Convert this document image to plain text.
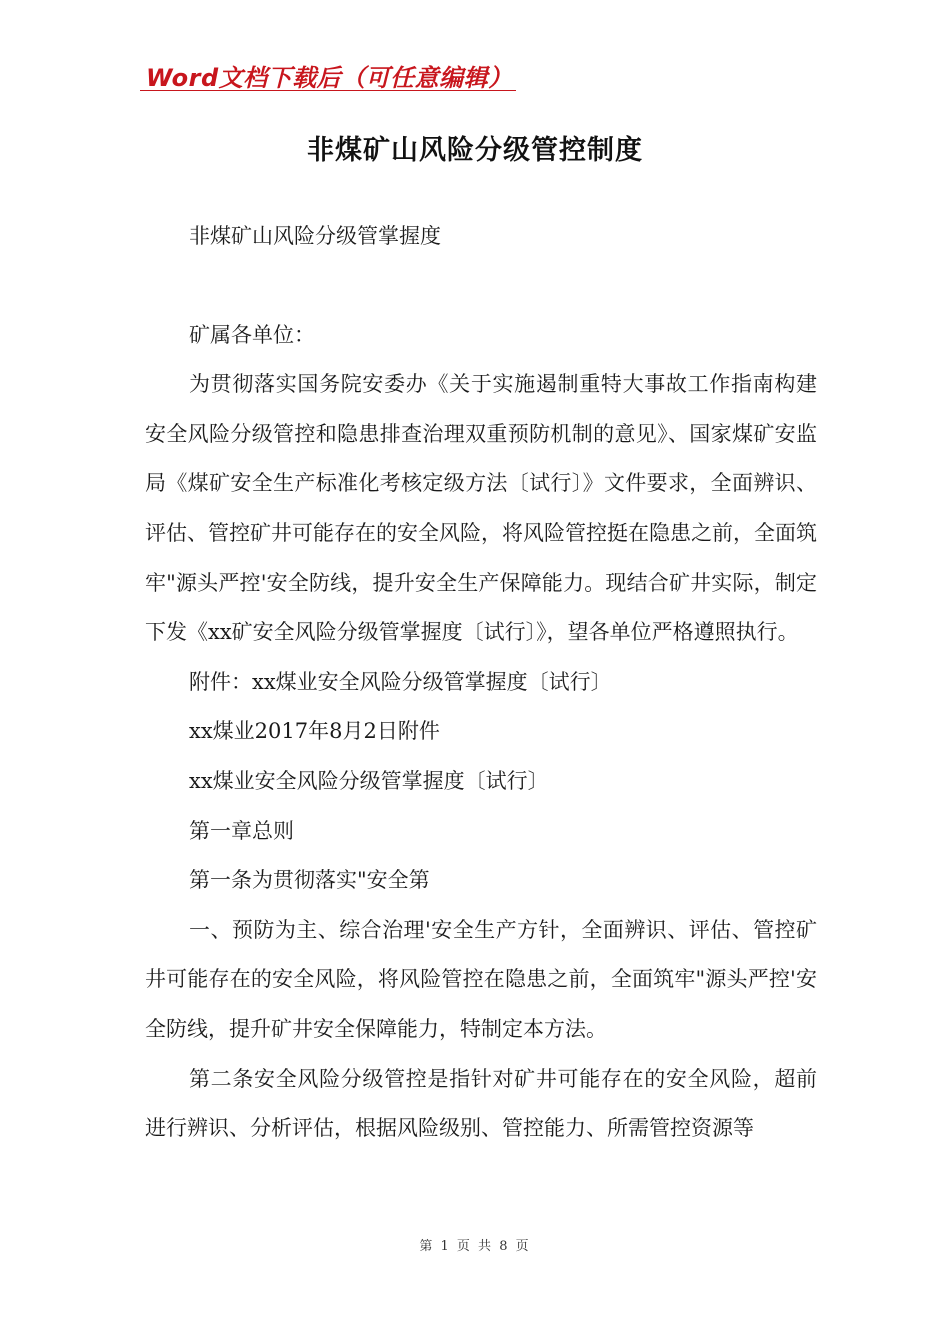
Word文档下载后（可任意编辑）
非煤矿山风险分级管控制度

非煤矿山风险分级管掌握度

矿属各单位：

为贯彻落实国务院安委办《关于实施遏制重特大事故工作指南构建安全风险分级管控和隐患排查治理双重预防机制的意见》、国家煤矿安监局《煤矿安全生产标准化考核定级方法〔试行〕》文件要求，全面辨识、评估、管控矿井可能存在的安全风险，将风险管控挺在隐患之前，全面筑牢"源头严控'安全防线，提升安全生产保障能力。现结合矿井实际，制定下发《xx矿安全风险分级管掌握度〔试行〕》，望各单位严格遵照执行。

附件：xx煤业安全风险分级管掌握度〔试行〕

xx煤业2017年8月2日附件

xx煤业安全风险分级管掌握度〔试行〕

第一章总则

第一条为贯彻落实"安全第

一、预防为主、综合治理'安全生产方针，全面辨识、评估、管控矿井可能存在的安全风险，将风险管控在隐患之前，全面筑牢"源头严控'安全防线，提升矿井安全保障能力，特制定本方法。

第二条安全风险分级管控是指针对矿井可能存在的安全风险，超前进行辨识、分析评估，根据风险级别、管控能力、所需管控资源等

第 1 页 共 8 页
